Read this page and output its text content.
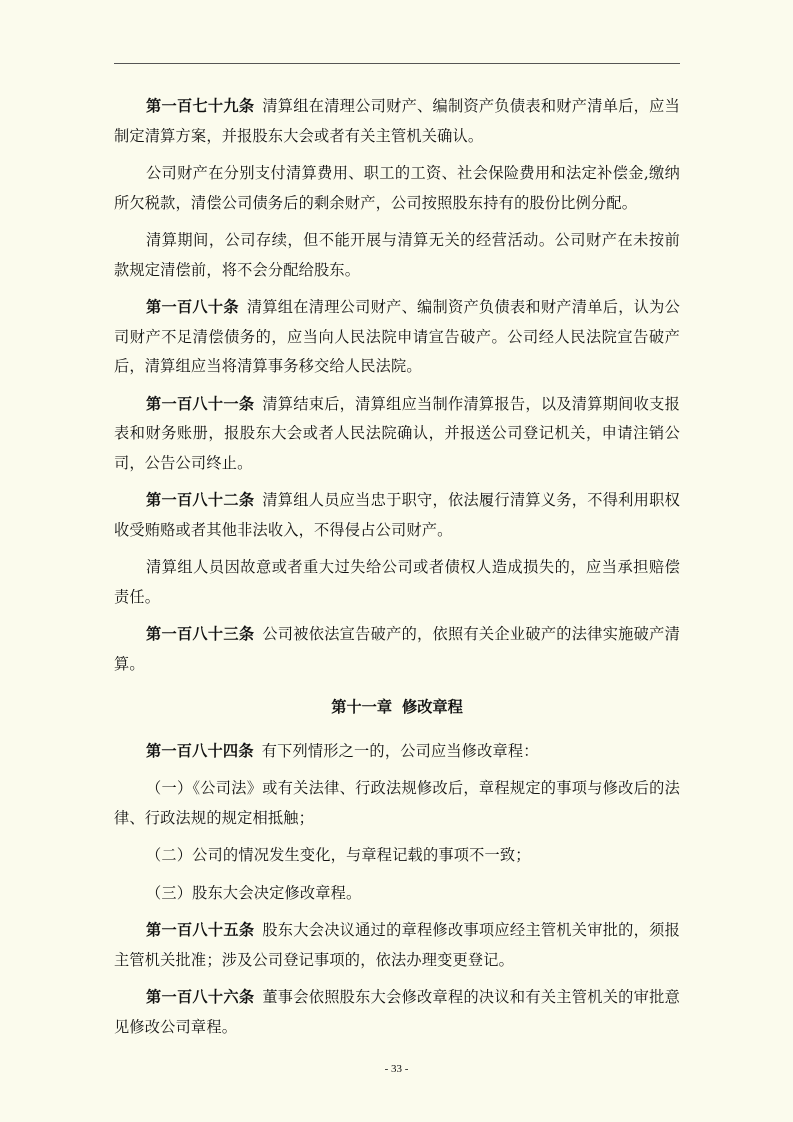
第一百七十九条 清算组在清理公司财产、编制资产负债表和财产清单后，应当制定清算方案，并报股东大会或者有关主管机关确认。

公司财产在分别支付清算费用、职工的工资、社会保险费用和法定补偿金,缴纳所欠税款，清偿公司债务后的剩余财产，公司按照股东持有的股份比例分配。

清算期间，公司存续，但不能开展与清算无关的经营活动。公司财产在未按前款规定清偿前，将不会分配给股东。

第一百八十条 清算组在清理公司财产、编制资产负债表和财产清单后，认为公司财产不足清偿债务的，应当向人民法院申请宣告破产。公司经人民法院宣告破产后，清算组应当将清算事务移交给人民法院。

第一百八十一条 清算结束后，清算组应当制作清算报告，以及清算期间收支报表和财务账册，报股东大会或者人民法院确认，并报送公司登记机关，申请注销公司，公告公司终止。

第一百八十二条 清算组人员应当忠于职守，依法履行清算义务，不得利用职权收受贿赂或者其他非法收入，不得侵占公司财产。

清算组人员因故意或者重大过失给公司或者债权人造成损失的，应当承担赔偿责任。

第一百八十三条 公司被依法宣告破产的，依照有关企业破产的法律实施破产清算。

第十一章 修改章程

第一百八十四条 有下列情形之一的，公司应当修改章程：

（一）《公司法》或有关法律、行政法规修改后，章程规定的事项与修改后的法律、行政法规的规定相抵触；

（二）公司的情况发生变化，与章程记载的事项不一致；

（三）股东大会决定修改章程。

第一百八十五条 股东大会决议通过的章程修改事项应经主管机关审批的，须报主管机关批准；涉及公司登记事项的，依法办理变更登记。

第一百八十六条 董事会依照股东大会修改章程的决议和有关主管机关的审批意见修改公司章程。

- 33 -
